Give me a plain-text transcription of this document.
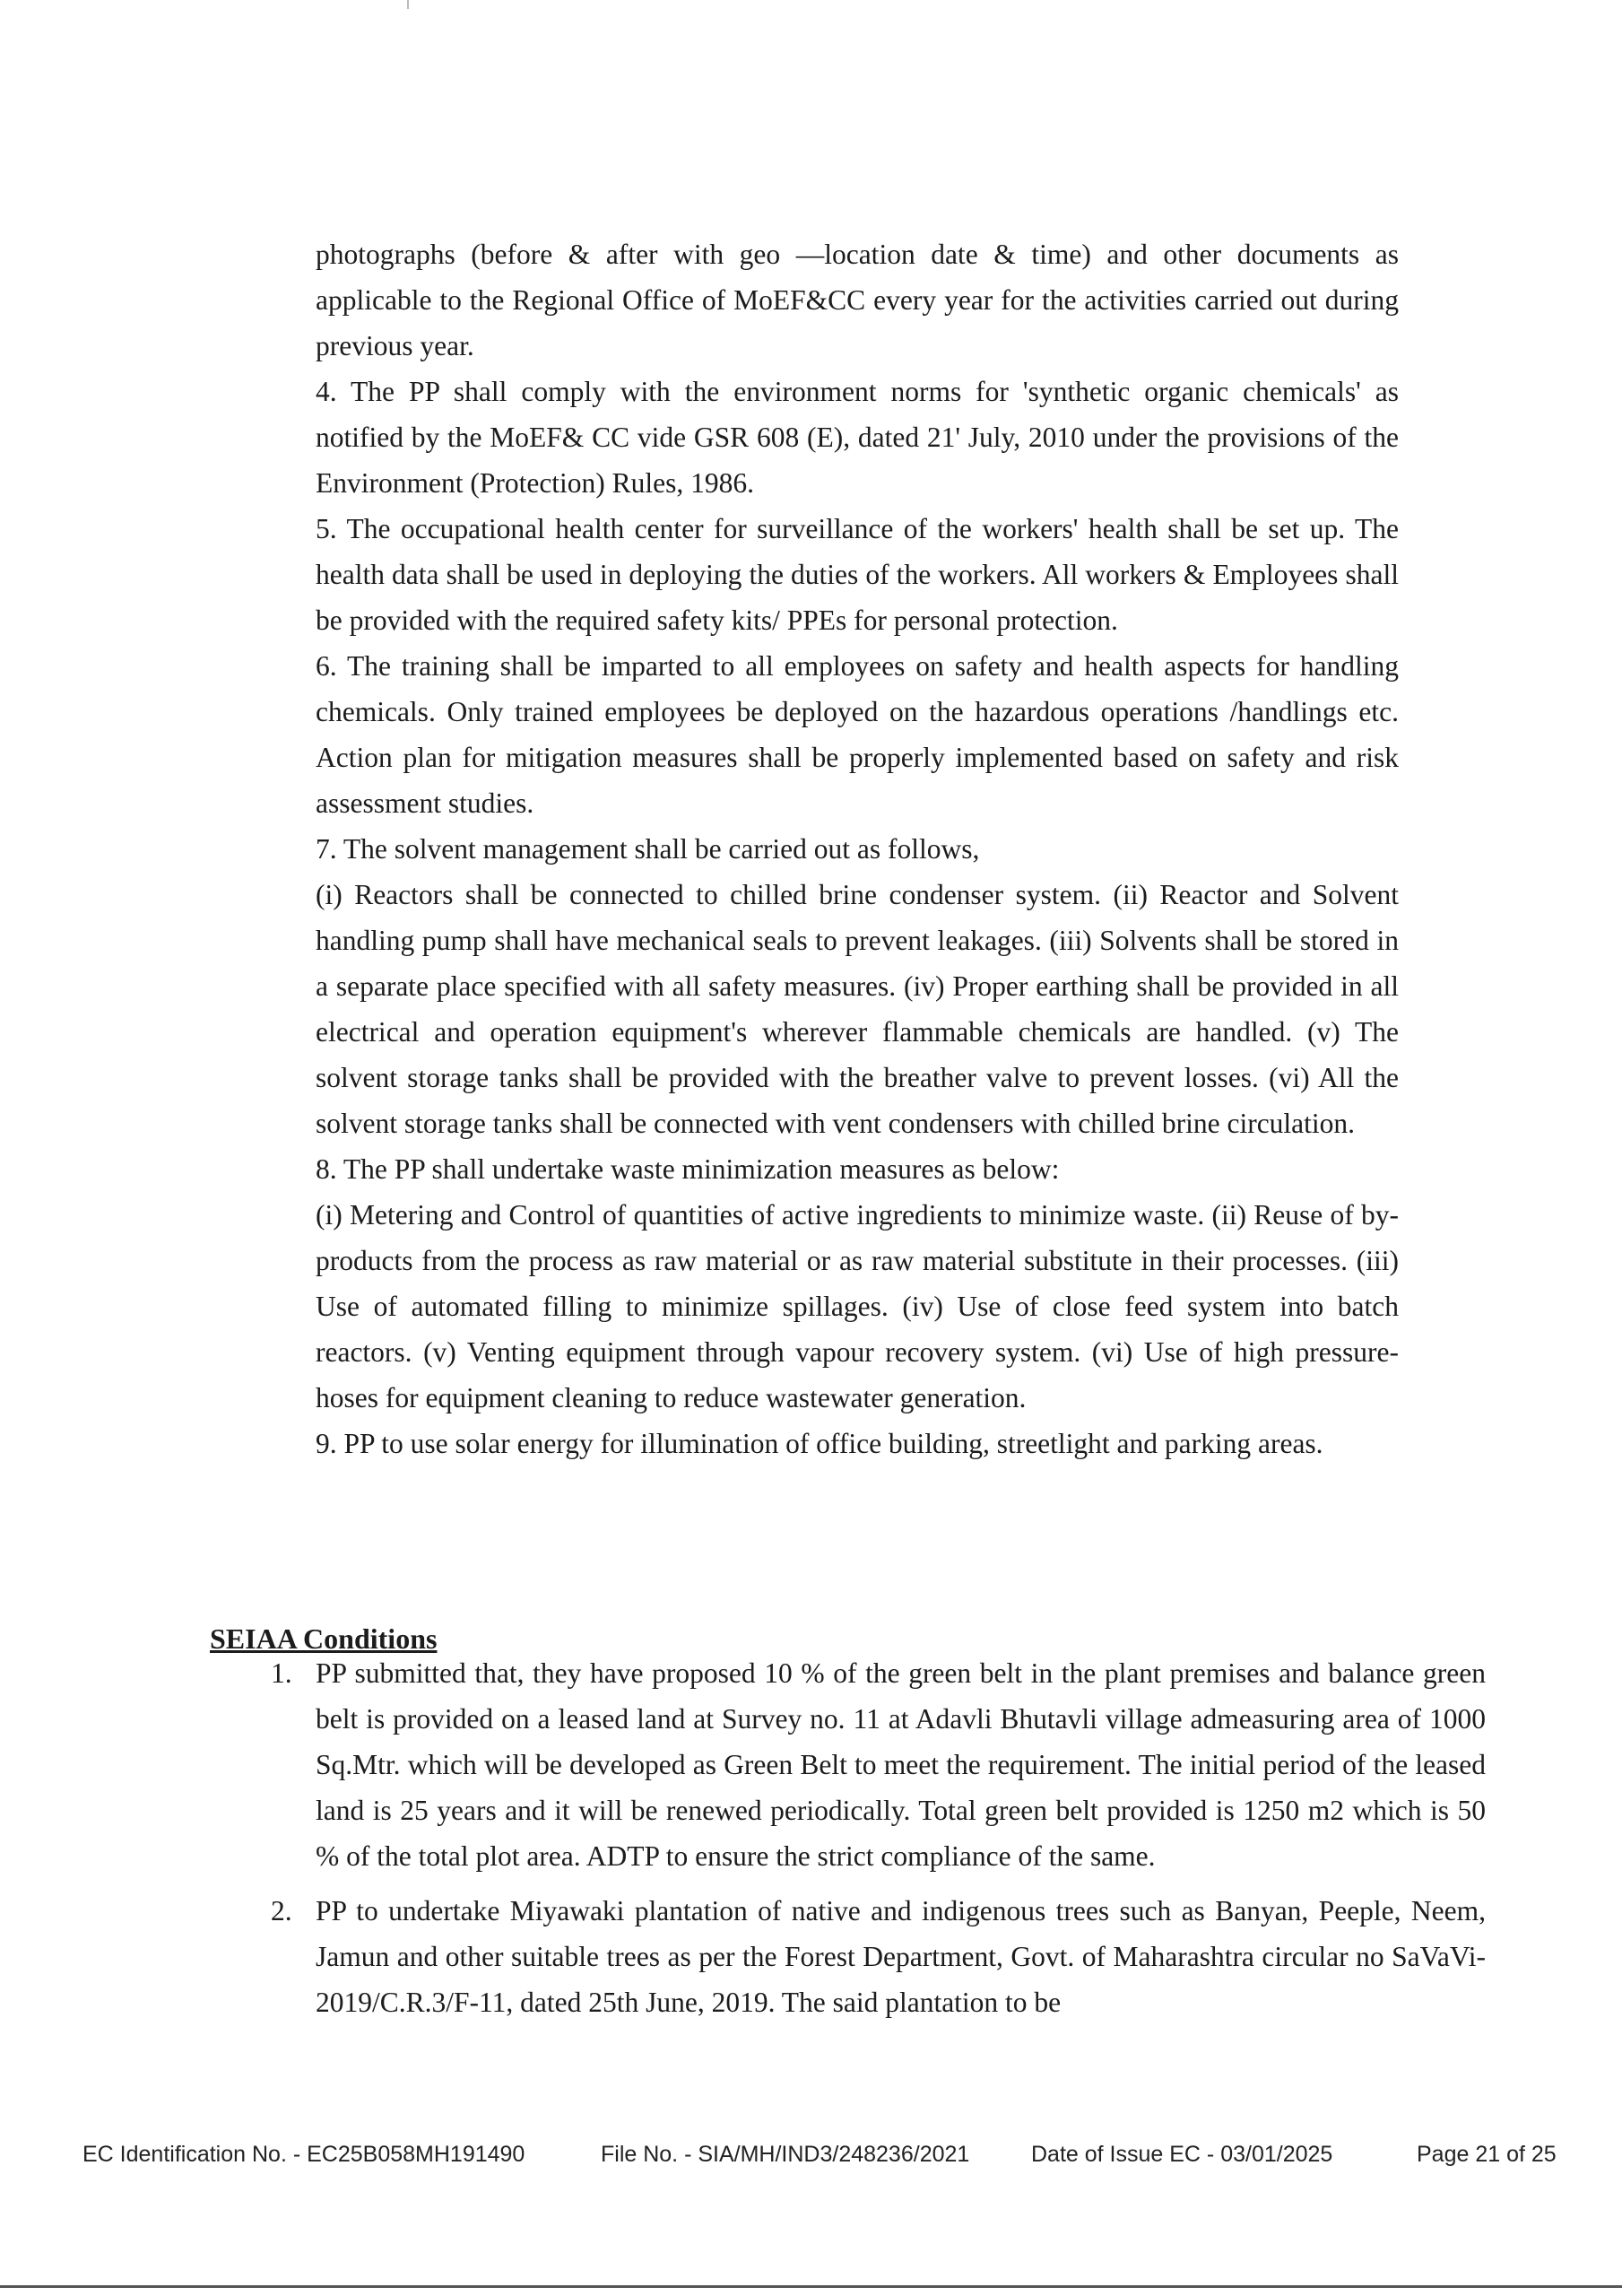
photographs (before & after with geo —location date & time) and other documents as applicable to the Regional Office of MoEF&CC every year for the activities carried out during previous year.

4. The PP shall comply with the environment norms for 'synthetic organic chemicals' as notified by the MoEF& CC vide GSR 608 (E), dated 21' July, 2010 under the provisions of the Environment (Protection) Rules, 1986.

5. The occupational health center for surveillance of the workers' health shall be set up. The health data shall be used in deploying the duties of the workers. All workers & Employees shall be provided with the required safety kits/ PPEs for personal protection.

6. The training shall be imparted to all employees on safety and health aspects for handling chemicals. Only trained employees be deployed on the hazardous operations /handlings etc. Action plan for mitigation measures shall be properly implemented based on safety and risk assessment studies.

7. The solvent management shall be carried out as follows,

(i) Reactors shall be connected to chilled brine condenser system. (ii) Reactor and Solvent handling pump shall have mechanical seals to prevent leakages. (iii) Solvents shall be stored in a separate place specified with all safety measures. (iv) Proper earthing shall be provided in all electrical and operation equipment's wherever flammable chemicals are handled. (v) The solvent storage tanks shall be provided with the breather valve to prevent losses. (vi) All the solvent storage tanks shall be connected with vent condensers with chilled brine circulation.

8. The PP shall undertake waste minimization measures as below:

(i) Metering and Control of quantities of active ingredients to minimize waste. (ii) Reuse of by-products from the process as raw material or as raw material substitute in their processes. (iii) Use of automated filling to minimize spillages. (iv) Use of close feed system into batch reactors. (v) Venting equipment through vapour recovery system. (vi) Use of high pressure-hoses for equipment cleaning to reduce wastewater generation.

9. PP to use solar energy for illumination of office building, streetlight and parking areas.

SEIAA Conditions

1. PP submitted that, they have proposed 10 % of the green belt in the plant premises and balance green belt is provided on a leased land at Survey no. 11 at Adavli Bhutavli village admeasuring area of 1000 Sq.Mtr. which will be developed as Green Belt to meet the requirement. The initial period of the leased land is 25 years and it will be renewed periodically. Total green belt provided is 1250 m2 which is 50 % of the total plot area. ADTP to ensure the strict compliance of the same.

2. PP to undertake Miyawaki plantation of native and indigenous trees such as Banyan, Peeple, Neem, Jamun and other suitable trees as per the Forest Department, Govt. of Maharashtra circular no SaVaVi-2019/C.R.3/F-11, dated 25th June, 2019. The said plantation to be

EC Identification No. - EC25B058MH191490	File No. - SIA/MH/IND3/248236/2021	Date of Issue EC - 03/01/2025	Page 21 of 25
